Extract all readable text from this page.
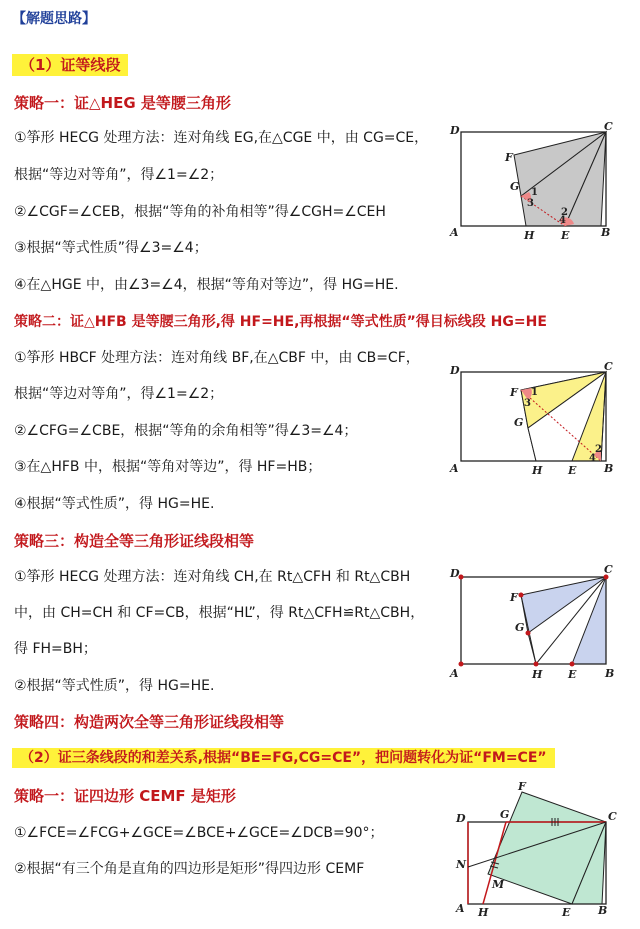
【解题思路】
（1）证等线段
策略一：证△HEG 是等腰三角形
①筝形 HECG 处理方法：连对角线 EG,在△CGE 中，由 CG=CE，
根据“等边对等角”，得∠1=∠2；
②∠CGF=∠CEB，根据“等角的补角相等”得∠CGH=∠CEH
③根据“等式性质”得∠3=∠4；
④在△HGE 中，由∠3=∠4，根据“等角对等边”，得 HG=HE.
策略二：证△HFB 是等腰三角形,得 HF=HE,再根据“等式性质”得目标线段 HG=HE
①筝形 HBCF 处理方法：连对角线 BF,在△CBF 中，由 CB=CF，
根据“等边对等角”，得∠1=∠2；
②∠CFG=∠CBE，根据“等角的余角相等”得∠3=∠4；
③在△HFB 中，根据“等角对等边”，得 HF=HB；
④根据“等式性质”，得 HG=HE.
策略三：构造全等三角形证线段相等
①筝形 HECG 处理方法：连对角线 CH,在 Rt△CFH 和 Rt△CBH
中，由 CH=CH 和 CF=CB，根据“HL”，得 Rt△CFH≌Rt△CBH，
得 FH=BH；
②根据“等式性质”，得 HG=HE.
策略四：构造两次全等三角形证线段相等
（2）证三条线段的和差关系,根据“BE=FG,CG=CE”，把问题转化为证“FM=CE”
策略一：证四边形 CEMF 是矩形
①∠FCE=∠FCG+∠GCE=∠BCE+∠GCE=∠DCB=90°；
②根据“有三个角是直角的四边形是矩形”得四边形 CEMF
D	C
F
G
A	H E	B
1
3
4
2
D	C
F
G
A	H E	B
1
3
2
4
D	C
F
G
A	H E	B
F
D	G	C
N
M
A H	E	B
